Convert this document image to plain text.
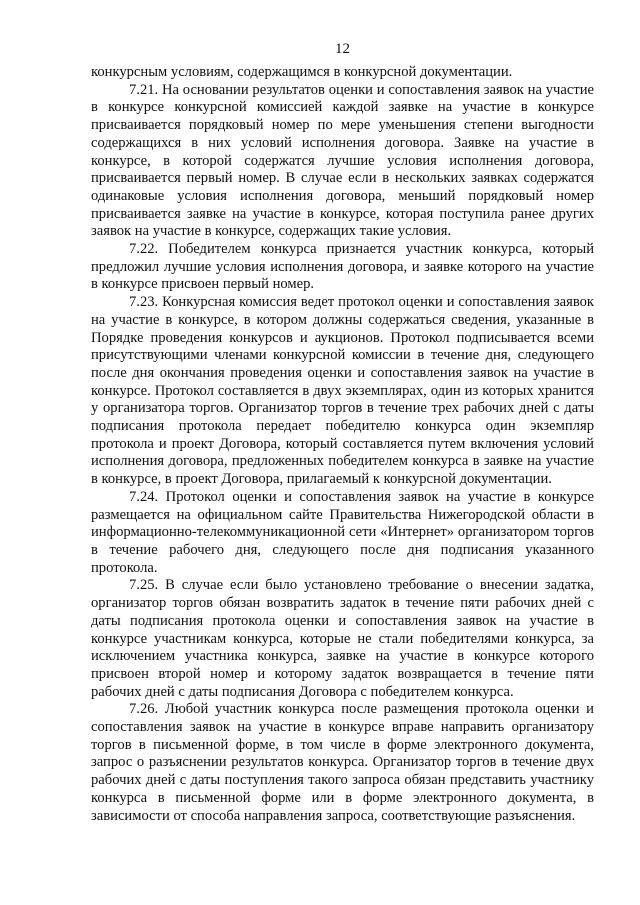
12

конкурсным условиям, содержащимся в конкурсной документации.

7.21. На основании результатов оценки и сопоставления заявок на участие в конкурсе конкурсной комиссией каждой заявке на участие в конкурсе присваивается порядковый номер по мере уменьшения степени выгодности содержащихся в них условий исполнения договора. Заявке на участие в конкурсе, в которой содержатся лучшие условия исполнения договора, присваивается первый номер. В случае если в нескольких заявках содержатся одинаковые условия исполнения договора, меньший порядковый номер присваивается заявке на участие в конкурсе, которая поступила ранее других заявок на участие в конкурсе, содержащих такие условия.

7.22. Победителем конкурса признается участник конкурса, который предложил лучшие условия исполнения договора, и заявке которого на участие в конкурсе присвоен первый номер.

7.23. Конкурсная комиссия ведет протокол оценки и сопоставления заявок на участие в конкурсе, в котором должны содержаться сведения, указанные в Порядке проведения конкурсов и аукционов. Протокол подписывается всеми присутствующими членами конкурсной комиссии в течение дня, следующего после дня окончания проведения оценки и сопоставления заявок на участие в конкурсе. Протокол составляется в двух экземплярах, один из которых хранится у организатора торгов. Организатор торгов в течение трех рабочих дней с даты подписания протокола передает победителю конкурса один экземпляр протокола и проект Договора, который составляется путем включения условий исполнения договора, предложенных победителем конкурса в заявке на участие в конкурсе, в проект Договора, прилагаемый к конкурсной документации.

7.24. Протокол оценки и сопоставления заявок на участие в конкурсе размещается на официальном сайте Правительства Нижегородской области в информационно-телекоммуникационной сети «Интернет» организатором торгов в течение рабочего дня, следующего после дня подписания указанного протокола.

7.25. В случае если было установлено требование о внесении задатка, организатор торгов обязан возвратить задаток в течение пяти рабочих дней с даты подписания протокола оценки и сопоставления заявок на участие в конкурсе участникам конкурса, которые не стали победителями конкурса, за исключением участника конкурса, заявке на участие в конкурсе которого присвоен второй номер и которому задаток возвращается в течение пяти рабочих дней с даты подписания Договора с победителем конкурса.

7.26. Любой участник конкурса после размещения протокола оценки и сопоставления заявок на участие в конкурсе вправе направить организатору торгов в письменной форме, в том числе в форме электронного документа, запрос о разъяснении результатов конкурса. Организатор торгов в течение двух рабочих дней с даты поступления такого запроса обязан представить участнику конкурса в письменной форме или в форме электронного документа, в зависимости от способа направления запроса, соответствующие разъяснения.
